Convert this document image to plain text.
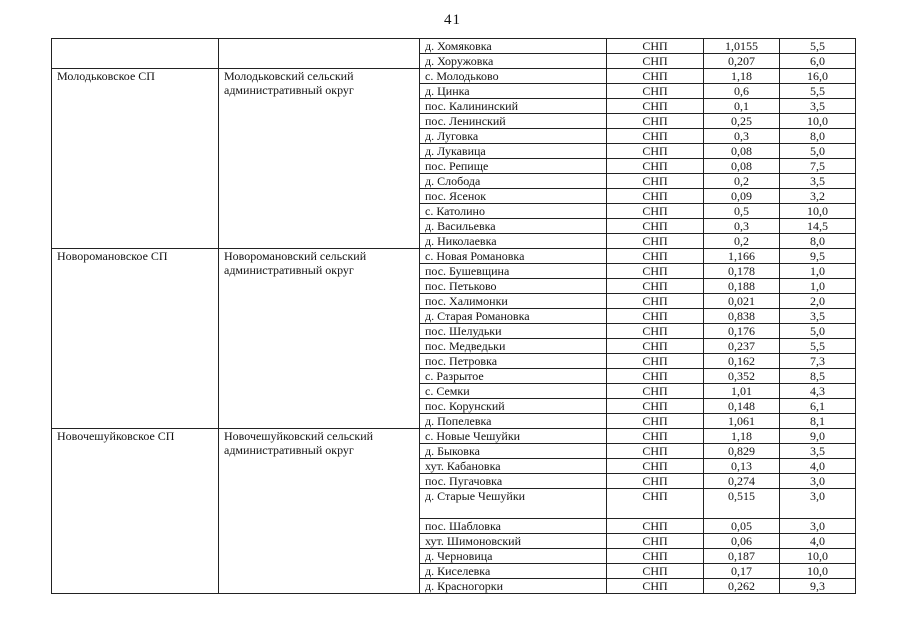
41
		д. Хомяковка	СНП	1,0155	5,5
		д. Хоружовка	СНП	0,207	6,0
Молодьковское СП	Молодьковский сельский административный округ	с. Молодьково	СНП	1,18	16,0
		д. Цинка	СНП	0,6	5,5
		пос. Калининский	СНП	0,1	3,5
		пос. Ленинский	СНП	0,25	10,0
		д. Луговка	СНП	0,3	8,0
		д. Лукавица	СНП	0,08	5,0
		пос. Репище	СНП	0,08	7,5
		д. Слобода	СНП	0,2	3,5
		пос. Ясенок	СНП	0,09	3,2
		с. Католино	СНП	0,5	10,0
		д. Васильевка	СНП	0,3	14,5
		д. Николаевка	СНП	0,2	8,0
Новоромановское СП	Новоромановский сельский административный округ	с. Новая Романовка	СНП	1,166	9,5
		пос. Бушевщина	СНП	0,178	1,0
		пос. Петьково	СНП	0,188	1,0
		пос. Халимонки	СНП	0,021	2,0
		д. Старая Романовка	СНП	0,838	3,5
		пос. Шелудьки	СНП	0,176	5,0
		пос. Медведьки	СНП	0,237	5,5
		пос. Петровка	СНП	0,162	7,3
		с. Разрытое	СНП	0,352	8,5
		с. Семки	СНП	1,01	4,3
		пос. Корунский	СНП	0,148	6,1
		д. Попелевка	СНП	1,061	8,1
Новочешуйковское СП	Новочешуйковский сельский административный округ	с. Новые Чешуйки	СНП	1,18	9,0
		д. Быковка	СНП	0,829	3,5
		хут. Кабановка	СНП	0,13	4,0
		пос. Пугачовка	СНП	0,274	3,0
		д. Старые Чешуйки	СНП	0,515	3,0
		пос. Шабловка	СНП	0,05	3,0
		хут. Шимоновский	СНП	0,06	4,0
		д. Черновица	СНП	0,187	10,0
		д. Киселевка	СНП	0,17	10,0
		д. Красногорки	СНП	0,262	9,3
